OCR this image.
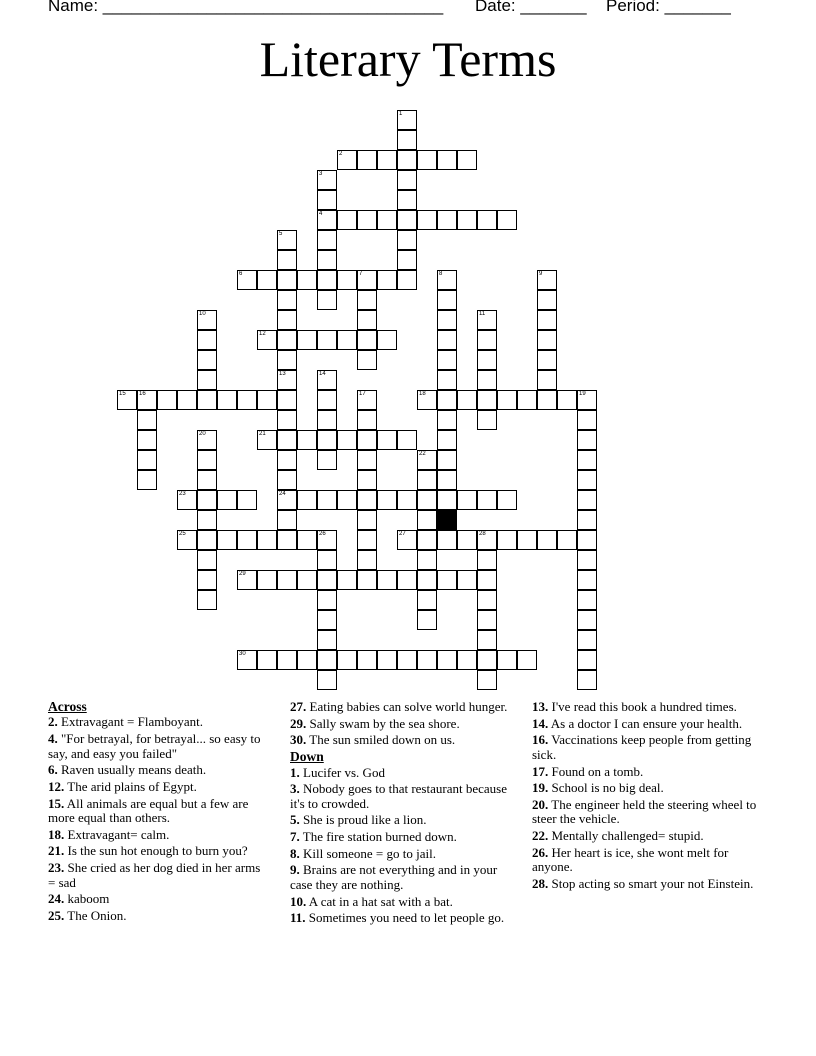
Name: ____________________________________ Date: _______ Period: _______
Literary Terms
1
2
3
4
5
13
6	7	8	9
10	11
12
24
14
15 16	17	18	19
20	21
22
23
25	26	27	28
29
30
Across
2. Extravagant = Flamboyant.
4. "For betrayal, for betrayal... so easy to say, and easy you failed"
6. Raven usually means death.
12. The arid plains of Egypt.
15. All animals are equal but a few are more equal than others.
18. Extravagant= calm.
21. Is the sun hot enough to burn you?
23. She cried as her dog died in her arms = sad
24. kaboom
25. The Onion.
27. Eating babies can solve world hunger.
29. Sally swam by the sea shore.
30. The sun smiled down on us.
Down
1. Lucifer vs. God
3. Nobody goes to that restaurant because it's to crowded.
5. She is proud like a lion.
7. The fire station burned down.
8. Kill someone = go to jail.
9. Brains are not everything and in your case they are nothing.
10. A cat in a hat sat with a bat.
11. Sometimes you need to let people go.
13. I've read this book a hundred times.
14. As a doctor I can ensure your health.
16. Vaccinations keep people from getting sick.
17. Found on a tomb.
19. School is no big deal.
20. The engineer held the steering wheel to steer the vehicle.
22. Mentally challenged= stupid.
26. Her heart is ice, she wont melt for anyone.
28. Stop acting so smart your not Einstein.
